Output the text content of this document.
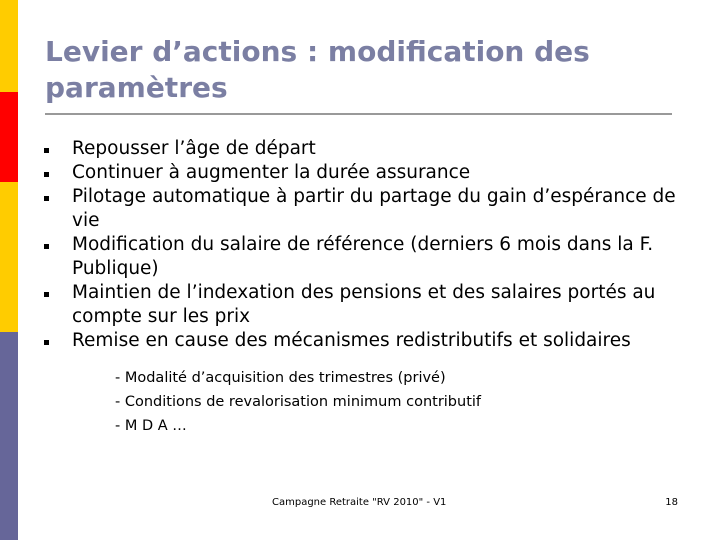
Levier d’actions : modification des paramètres
Repousser l’âge de départ
Continuer à augmenter la durée assurance
Pilotage automatique à partir du partage du gain d’espérance de vie
Modification du salaire de référence (derniers 6 mois dans la F. Publique)
Maintien de l’indexation des pensions et des salaires portés au compte sur les prix
Remise en cause des mécanismes redistributifs et solidaires
- Modalité d’acquisition des trimestres (privé)
- Conditions de revalorisation minimum contributif
- M D A …
Campagne Retraite "RV 2010" - V1	18
